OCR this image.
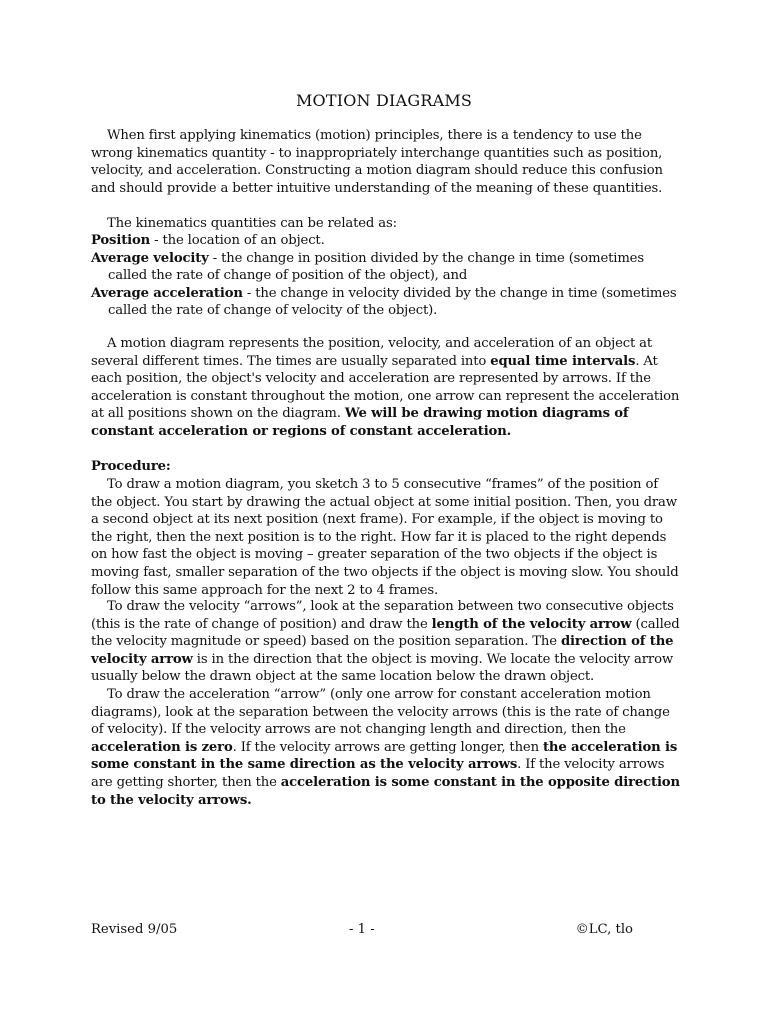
MOTION DIAGRAMS

When first applying kinematics (motion) principles, there is a tendency to use the wrong kinematics quantity - to inappropriately interchange quantities such as position, velocity, and acceleration. Constructing a motion diagram should reduce this confusion and should provide a better intuitive understanding of the meaning of these quantities.

The kinematics quantities can be related as:

Position - the location of an object.

Average velocity - the change in position divided by the change in time (sometimes called the rate of change of position of the object), and

Average acceleration - the change in velocity divided by the change in time (sometimes called the rate of change of velocity of the object).

A motion diagram represents the position, velocity, and acceleration of an object at several different times. The times are usually separated into equal time intervals. At each position, the object's velocity and acceleration are represented by arrows. If the acceleration is constant throughout the motion, one arrow can represent the acceleration at all positions shown on the diagram. We will be drawing motion diagrams of constant acceleration or regions of constant acceleration.

Procedure:

To draw a motion diagram, you sketch 3 to 5 consecutive “frames” of the position of the object. You start by drawing the actual object at some initial position. Then, you draw a second object at its next position (next frame). For example, if the object is moving to the right, then the next position is to the right. How far it is placed to the right depends on how fast the object is moving – greater separation of the two objects if the object is moving fast, smaller separation of the two objects if the object is moving slow. You should follow this same approach for the next 2 to 4 frames.

To draw the velocity “arrows”, look at the separation between two consecutive objects (this is the rate of change of position) and draw the length of the velocity arrow (called the velocity magnitude or speed) based on the position separation. The direction of the velocity arrow is in the direction that the object is moving. We locate the velocity arrow usually below the drawn object at the same location below the drawn object.

To draw the acceleration “arrow” (only one arrow for constant acceleration motion diagrams), look at the separation between the velocity arrows (this is the rate of change of velocity). If the velocity arrows are not changing length and direction, then the acceleration is zero. If the velocity arrows are getting longer, then the acceleration is some constant in the same direction as the velocity arrows. If the velocity arrows are getting shorter, then the acceleration is some constant in the opposite direction to the velocity arrows.

Revised 9/05	- 1 -	©LC, tlo
